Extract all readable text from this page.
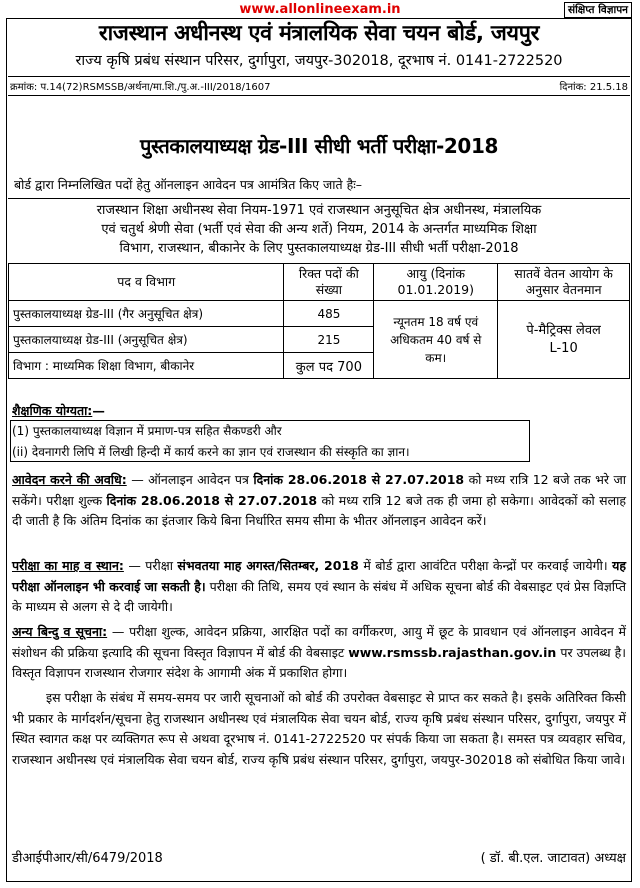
www.allonlineexam.in	संक्षिप्त विज्ञापन
राजस्थान अधीनस्थ एवं मंत्रालयिक सेवा चयन बोर्ड, जयपुर
राज्य कृषि प्रबंध संस्थान परिसर, दुर्गापुरा, जयपुर-302018, दूरभाष नं. 0141-2722520
क्रमांक: प.14(72)RSMSSB/अर्थना/मा.शि./पु.अ.-III/2018/1607	दिनांक: 21.5.18
पुस्तकालयाध्यक्ष ग्रेड-III सीधी भर्ती परीक्षा-2018
बोर्ड द्वारा निम्नलिखित पदों हेतु ऑनलाइन आवेदन पत्र आमंत्रित किए जाते हैः–
राजस्थान शिक्षा अधीनस्थ सेवा नियम-1971 एवं राजस्थान अनुसूचित क्षेत्र अधीनस्थ, मंत्रालयिक
एवं चतुर्थ श्रेणी सेवा (भर्ती एवं सेवा की अन्य शर्ते) नियम, 2014 के अन्तर्गत माध्यमिक शिक्षा
विभाग, राजस्थान, बीकानेर के लिए पुस्तकालयाध्यक्ष ग्रेड-III सीधी भर्ती परीक्षा-2018
पद व विभाग	रिक्त पदों की संख्या	आयु (दिनांक 01.01.2019)	सातवें वेतन आयोग के अनुसार वेतनमान
पुस्तकालयाध्यक्ष ग्रेड-III (गैर अनुसूचित क्षेत्र)	485	न्यूनतम 18 वर्ष एवं अधिकतम 40 वर्ष से कम।	पे-मैट्रिक्स लेवल
L-10

पुस्तकालयाध्यक्ष ग्रेड-III (अनुसूचित क्षेत्र)	215		
विभाग : माध्यमिक शिक्षा विभाग, बीकानेर	कुल पद 700		
शैक्षणिक योग्यता:—
(1) पुस्तकालयाध्यक्ष विज्ञान में प्रमाण-पत्र सहित सैकण्डरी और
(ii) देवनागरी लिपि में लिखी हिन्दी में कार्य करने का ज्ञान एवं राजस्थान की संस्कृति का ज्ञान।
आवेदन करने की अवधि: — ऑनलाइन आवेदन पत्र दिनांक 28.06.2018 से 27.07.2018 को मध्य रात्रि 12 बजे तक भरे जा सकेंगे। परीक्षा शुल्क दिनांक 28.06.2018 से 27.07.2018 को मध्य रात्रि 12 बजे तक ही जमा हो सकेगा। आवेदकों को सलाह दी जाती है कि अंतिम दिनांक का इंतजार किये बिना निर्धारित समय सीमा के भीतर ऑनलाइन आवेदन करें।
परीक्षा का माह व स्थान: — परीक्षा संभवतया माह अगस्त/सितम्बर, 2018 में बोर्ड द्वारा आवंटित परीक्षा केन्द्रों पर करवाई जायेगी। यह परीक्षा ऑनलाइन भी करवाई जा सकती है। परीक्षा की तिथि, समय एवं स्थान के संबंध में अधिक सूचना बोर्ड की वेबसाइट एवं प्रेस विज्ञप्ति के माध्यम से अलग से दे दी जायेगी।
अन्य बिन्दु व सूचना: — परीक्षा शुल्क, आवेदन प्रक्रिया, आरक्षित पदों का वर्गीकरण, आयु में छूट के प्रावधान एवं ऑनलाइन आवेदन में संशोधन की प्रक्रिया इत्यादि की सूचना विस्तृत विज्ञापन में बोर्ड की वेबसाइट www.rsmssb.rajasthan.gov.in पर उपलब्ध है। विस्तृत विज्ञापन राजस्थान रोजगार संदेश के आगामी अंक में प्रकाशित होगा।
इस परीक्षा के संबंध में समय-समय पर जारी सूचनाओं को बोर्ड की उपरोक्त वेबसाइट से प्राप्त कर सकते है। इसके अतिरिक्त किसी भी प्रकार के मार्गदर्शन/सूचना हेतु राजस्थान अधीनस्थ एवं मंत्रालयिक सेवा चयन बोर्ड, राज्य कृषि प्रबंध संस्थान परिसर, दुर्गापुरा, जयपुर में स्थित स्वागत कक्ष पर व्यक्तिगत रूप से अथवा दूरभाष नं. 0141-2722520 पर संपर्क किया जा सकता है। समस्त पत्र व्यवहार सचिव, राजस्थान अधीनस्थ एवं मंत्रालयिक सेवा चयन बोर्ड, राज्य कृषि प्रबंध संस्थान परिसर, दुर्गापुरा, जयपुर-302018 को संबोधित किया जावे।
डीआईपीआर/सी/6479/2018	( डॉ. बी.एल. जाटावत) अध्यक्ष
